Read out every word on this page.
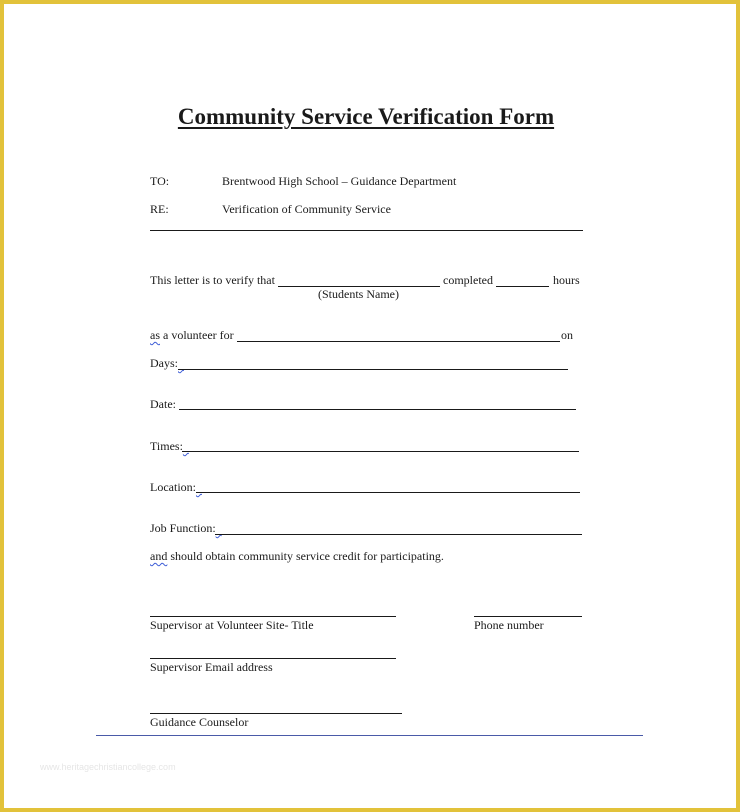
Community Service Verification Form
TO:	Brentwood High School – Guidance Department
RE:	Verification of Community Service
This letter is to verify that	completed	hours
(Students Name)
as a volunteer for	on
Days:
Date:
Times:
Location:
Job Function:
and should obtain community service credit for participating.
Supervisor at Volunteer Site- Title	Phone number
Supervisor Email address
Guidance Counselor
www.heritagechristiancollege.com
